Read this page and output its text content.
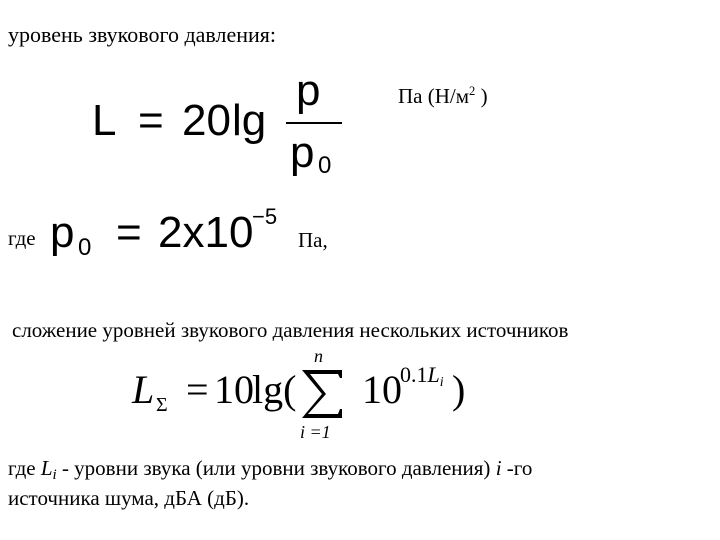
уровень звукового давления:
L = 20 lg
p
p 0
Па ($Н/м^2$ )
где p 0 = 2x10
−5
Па,
сложение уровней звукового давления нескольких источников
L Σ = 10
lg(
n
i =1
10
0.1Li )
где Li - уровни звука (или уровни звукового давления) i -го
источника шума, дБА (дБ).
